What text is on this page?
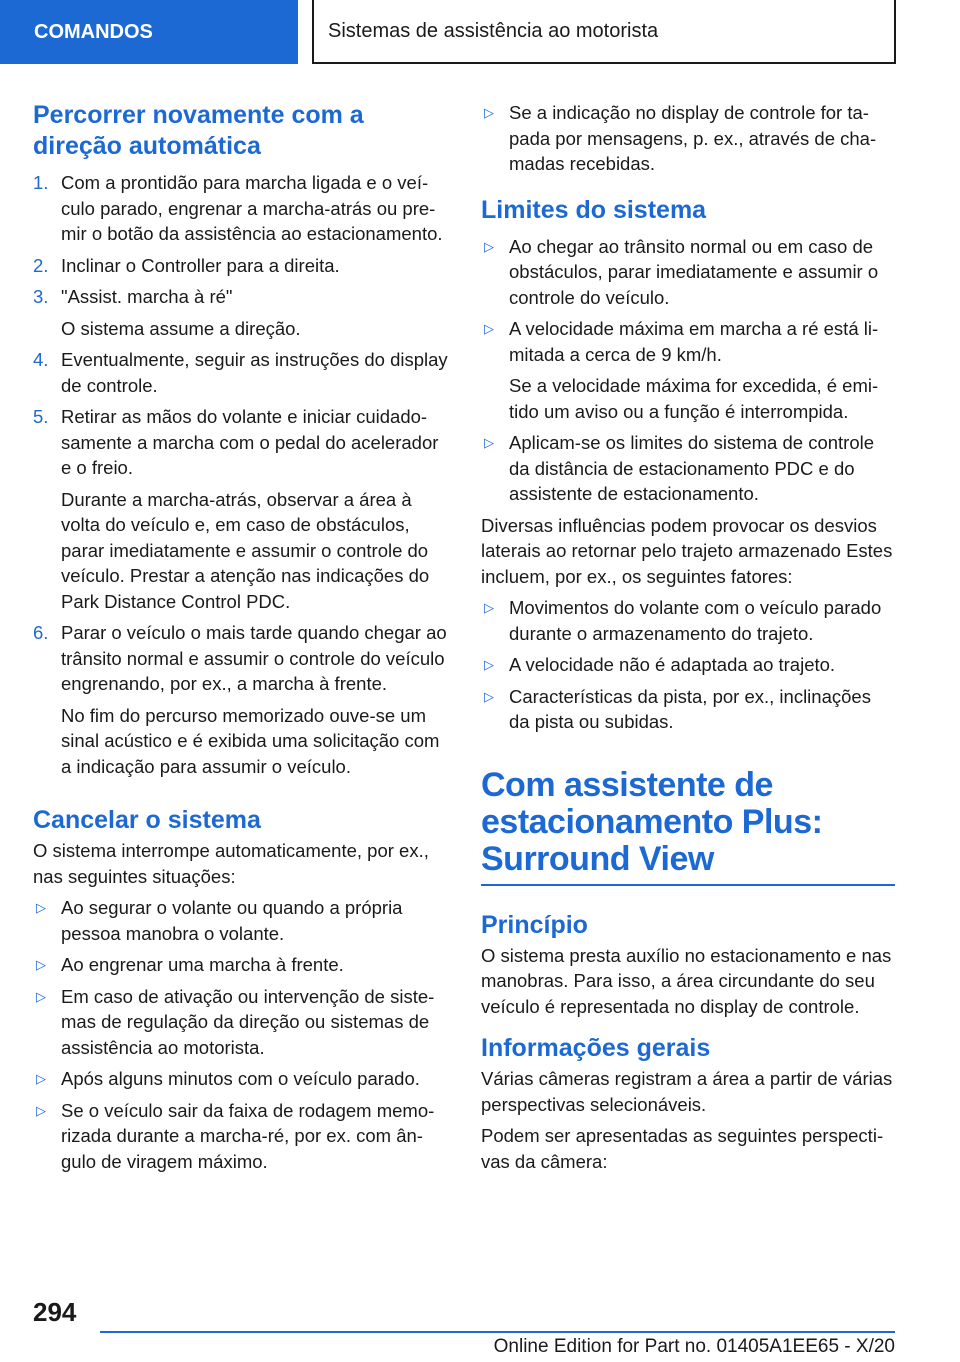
COMANDOS	Sistemas de assistência ao motorista
Percorrer novamente com a direção automática
1. Com a prontidão para marcha ligada e o veículo parado, engrenar a marcha-atrás ou premir o botão da assistência ao estacionamento.

2. Inclinar o Controller para a direita.

3. "Assist. marcha à ré"

O sistema assume a direção.

4. Eventualmente, seguir as instruções do display de controle.

5. Retirar as mãos do volante e iniciar cuidadosamente a marcha com o pedal do acelerador e o freio.

Durante a marcha-atrás, observar a área à volta do veículo e, em caso de obstáculos, parar imediatamente e assumir o controle do veículo. Prestar a atenção nas indicações do Park Distance Control PDC.

6. Parar o veículo o mais tarde quando chegar ao trânsito normal e assumir o controle do veículo engrenando, por ex., a marcha à frente.

No fim do percurso memorizado ouve-se um sinal acústico e é exibida uma solicitação com a indicação para assumir o veículo.

Cancelar o sistema

O sistema interrompe automaticamente, por ex., nas seguintes situações:

▷ Ao segurar o volante ou quando a própria pessoa manobra o volante.

▷ Ao engrenar uma marcha à frente.

▷ Em caso de ativação ou intervenção de sistemas de regulação da direção ou sistemas de assistência ao motorista.

▷ Após alguns minutos com o veículo parado.

▷ Se o veículo sair da faixa de rodagem memorizada durante a marcha-ré, por ex. com ângulo de viragem máximo.

▷ Se a indicação no display de controle for tapada por mensagens, p. ex., através de chamadas recebidas.

Limites do sistema
▷ Ao chegar ao trânsito normal ou em caso de obstáculos, parar imediatamente e assumir o controle do veículo.

▷ A velocidade máxima em marcha a ré está limitada a cerca de 9 km/h.

Se a velocidade máxima for excedida, é emitido um aviso ou a função é interrompida.

▷ Aplicam-se os limites do sistema de controle da distância de estacionamento PDC e do assistente de estacionamento.

Diversas influências podem provocar os desvios laterais ao retornar pelo trajeto armazenado Estes incluem, por ex., os seguintes fatores:

▷ Movimentos do volante com o veículo parado durante o armazenamento do trajeto.

▷ A velocidade não é adaptada ao trajeto.

▷ Características da pista, por ex., inclinações da pista ou subidas.

Com assistente de estacionamento Plus: Surround View
Princípio

O sistema presta auxílio no estacionamento e nas manobras. Para isso, a área circundante do seu veículo é representada no display de controle.

Informações gerais

Várias câmeras registram a área a partir de várias perspectivas selecionáveis.

Podem ser apresentadas as seguintes perspectivas da câmera:

294
Online Edition for Part no. 01405A1EE65 - X/20
